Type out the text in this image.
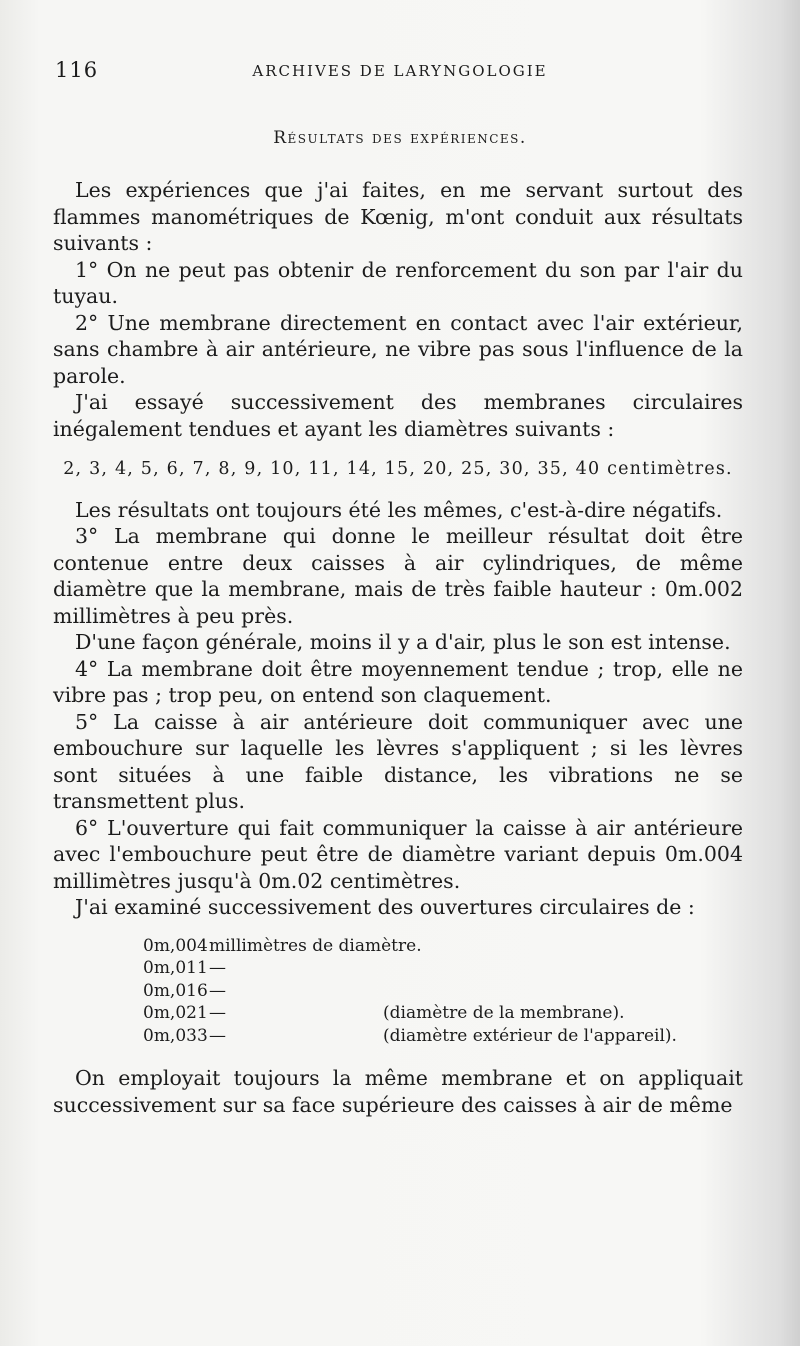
116	ARCHIVES DE LARYNGOLOGIE
Résultats des expériences.

Les expériences que j'ai faites, en me servant surtout des flammes manométriques de Kœnig, m'ont conduit aux résultats suivants :

1° On ne peut pas obtenir de renforcement du son par l'air du tuyau.

2° Une membrane directement en contact avec l'air extérieur, sans chambre à air antérieure, ne vibre pas sous l'influence de la parole.

J'ai essayé successivement des membranes circulaires inégalement tendues et ayant les diamètres suivants :

2, 3, 4, 5, 6, 7, 8, 9, 10, 11, 14, 15, 20, 25, 30, 35, 40 centimètres.

Les résultats ont toujours été les mêmes, c'est-à-dire négatifs.

3° La membrane qui donne le meilleur résultat doit être contenue entre deux caisses à air cylindriques, de même diamètre que la membrane, mais de très faible hauteur : 0m.002 millimètres à peu près.

D'une façon générale, moins il y a d'air, plus le son est intense.

4° La membrane doit être moyennement tendue ; trop, elle ne vibre pas ; trop peu, on entend son claquement.

5° La caisse à air antérieure doit communiquer avec une embouchure sur laquelle les lèvres s'appliquent ; si les lèvres sont situées à une faible distance, les vibrations ne se transmettent plus.

6° L'ouverture qui fait communiquer la caisse à air antérieure avec l'embouchure peut être de diamètre variant depuis 0m.004 millimètres jusqu'à 0m.02 centimètres.

J'ai examiné successivement des ouvertures circulaires de :

0m,004 millimètres de diamètre.
0m,011 —
0m,016 —
0m,021 —	(diamètre de la membrane).
0m,033 —	(diamètre extérieur de l'appareil).

On employait toujours la même membrane et on appliquait successivement sur sa face supérieure des caisses à air de même
